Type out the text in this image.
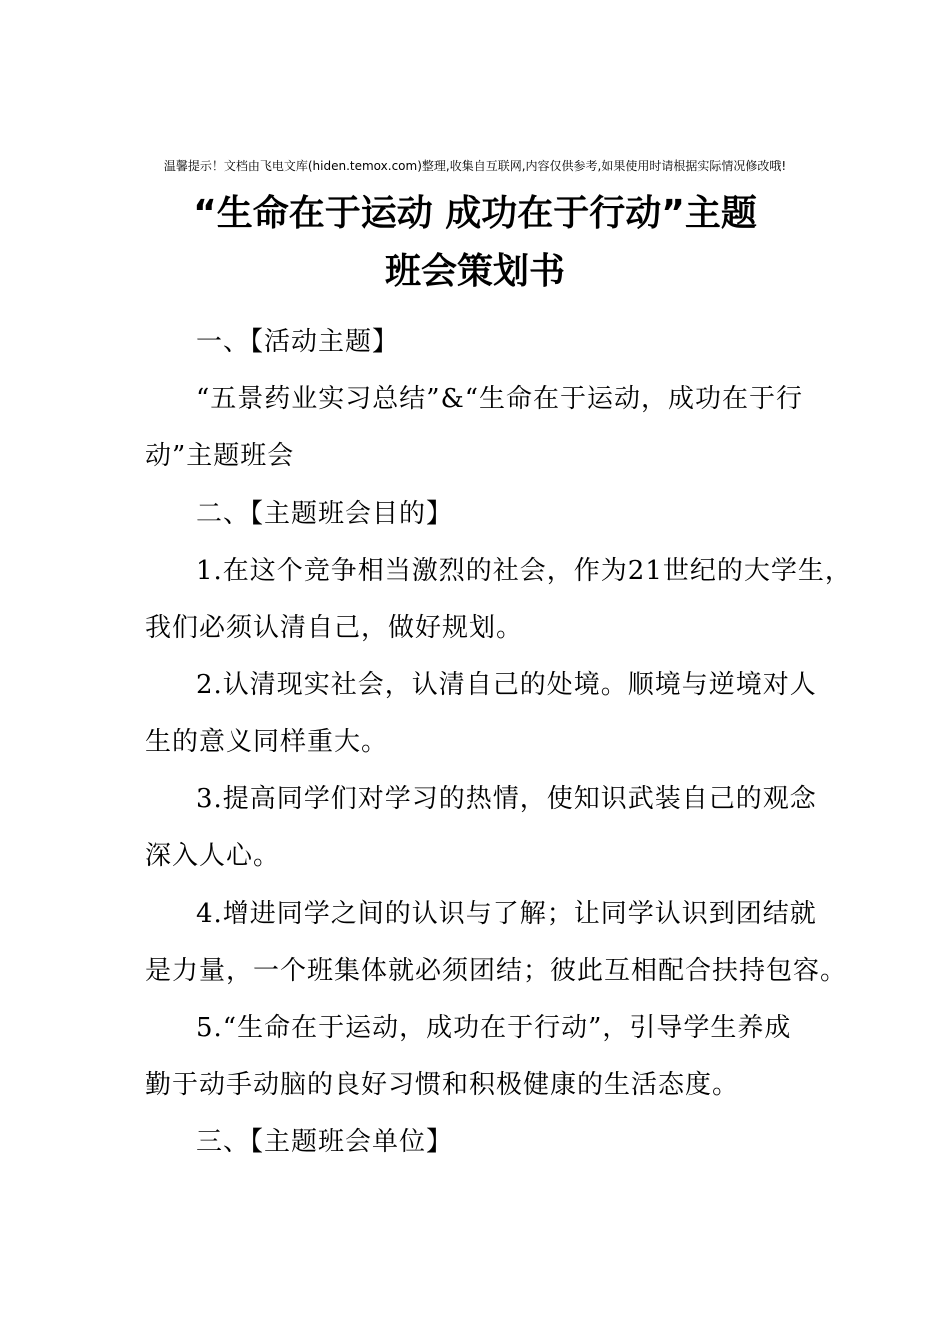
温馨提示！文档由飞电文库(hiden.temox.com)整理,收集自互联网,内容仅供参考,如果使用时请根据实际情况修改哦!
“生命在于运动 成功在于行动”主题
班会策划书
一、【活动主题】
“五景药业实习总结”&“生命在于运动，成功在于行
动”主题班会
二、【主题班会目的】
1.在这个竞争相当激烈的社会，作为21世纪的大学生，
我们必须认清自己，做好规划。
2.认清现实社会，认清自己的处境。顺境与逆境对人
生的意义同样重大。
3.提高同学们对学习的热情，使知识武装自己的观念
深入人心。
4.增进同学之间的认识与了解；让同学认识到团结就
是力量，一个班集体就必须团结；彼此互相配合扶持包容。
5.“生命在于运动，成功在于行动”，引导学生养成
勤于动手动脑的良好习惯和积极健康的生活态度。
三、【主题班会单位】
